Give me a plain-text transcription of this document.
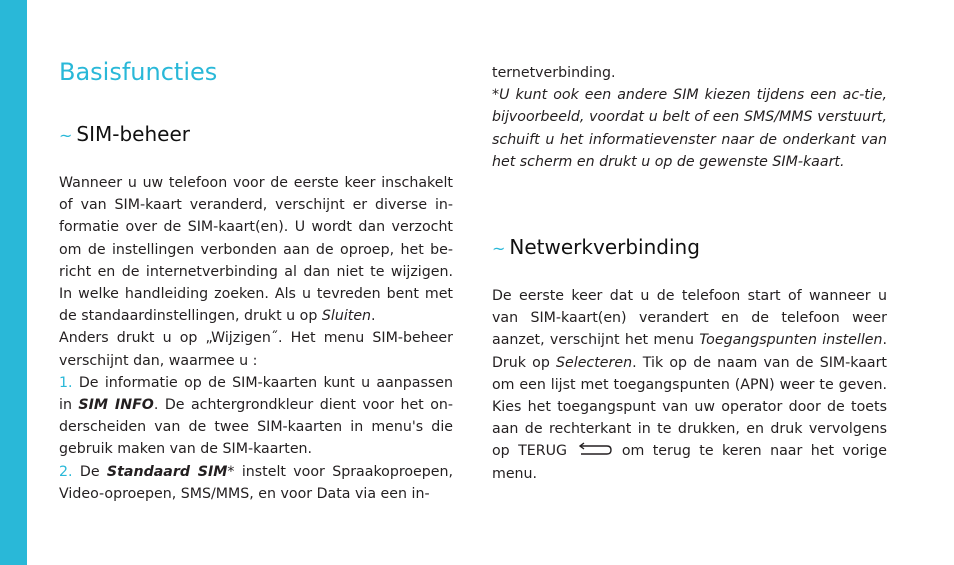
Basisfuncties
~ SIM-beheer

Wanneer u uw telefoon voor de eerste keer inschakelt of van SIM-kaart veranderd, verschijnt er diverse in-formatie over de SIM-kaart(en). U wordt dan verzocht om de instellingen verbonden aan de oproep, het be-richt en de internetverbinding al dan niet te wijzigen. In welke handleiding zoeken. Als u tevreden bent met de standaardinstellingen, drukt u op Sluiten.

Anders drukt u op „Wijzigen˝. Het menu SIM-beheer verschijnt dan, waarmee u :

1. De informatie op de SIM-kaarten kunt u aanpassen in SIM INFO. De achtergrondkleur dient voor het on-derscheiden van de twee SIM-kaarten in menu's die gebruik maken van de SIM-kaarten.

2. De Standaard SIM* instelt voor Spraakoproepen, Video-oproepen, SMS/MMS, en voor Data via een in-

ternetverbinding.

*U kunt ook een andere SIM kiezen tijdens een ac-tie, bijvoorbeeld, voordat u belt of een SMS/MMS verstuurt, schuift u het informatievenster naar de onderkant van het scherm en drukt u op de gewenste SIM-kaart.

~ Netwerkverbinding

De eerste keer dat u de telefoon start of wanneer u van SIM-kaart(en) verandert en de telefoon weer aanzet, verschijnt het menu Toegangspunten instellen. Druk op Selecteren. Tik op de naam van de SIM-kaart om een lijst met toegangspunten (APN) weer te geven. Kies het toegangspunt van uw operator door de toets aan de rechterkant in te drukken, en druk vervolgens op TERUG	om terug te keren naar het vorige menu.
